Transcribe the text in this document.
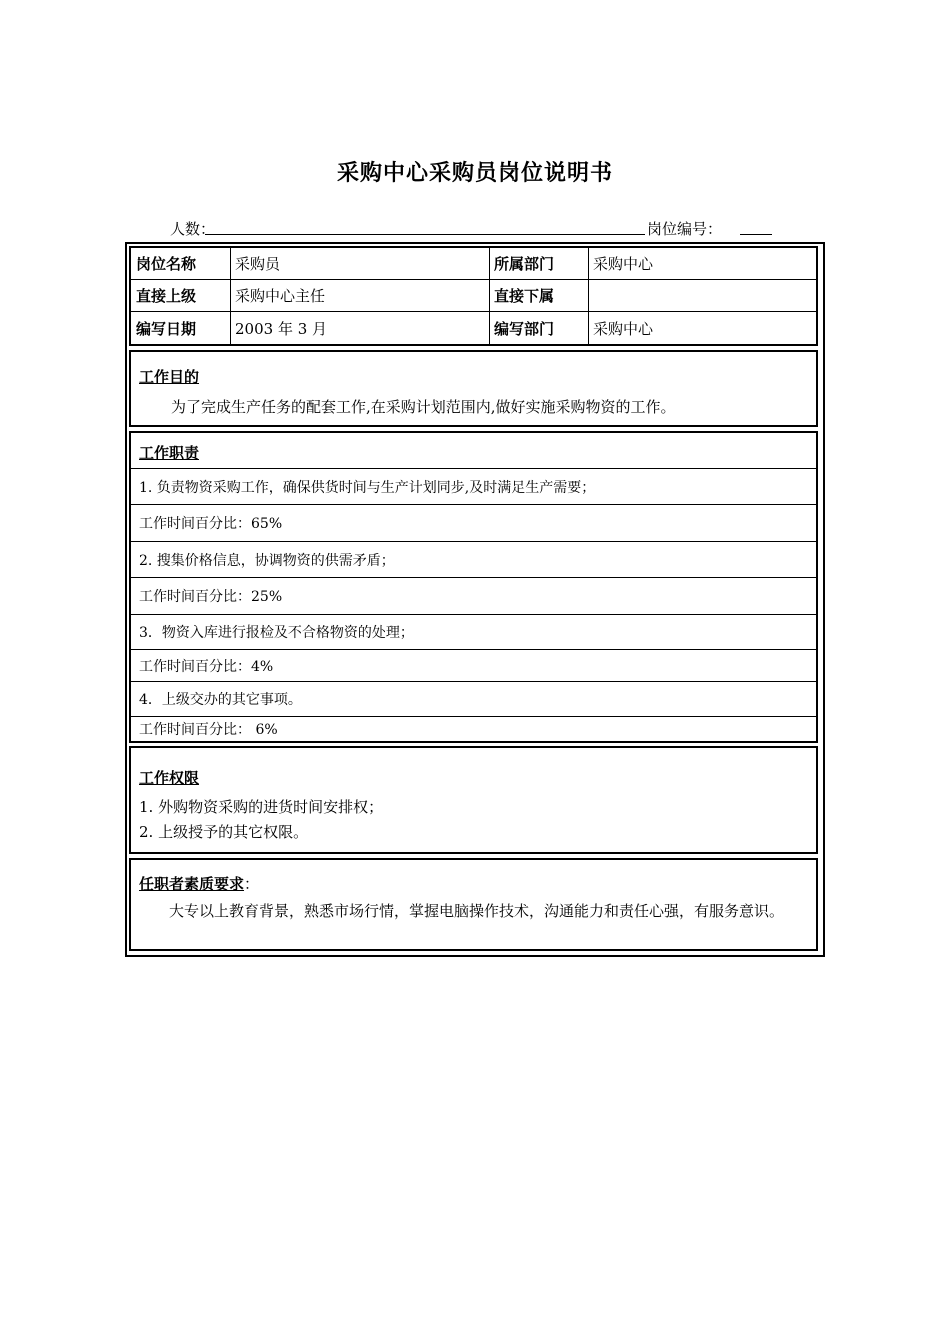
采购中心采购员岗位说明书
人数：	岗位编号：
岗位名称	采购员	所属部门	采购中心
直接上级	采购中心主任	直接下属
编写日期	2003 年 3 月	编写部门	采购中心
工作目的
为了完成生产任务的配套工作,在采购计划范围内,做好实施采购物资的工作。
工作职责
1. 负责物资采购工作，确保供货时间与生产计划同步,及时满足生产需要；
工作时间百分比：65%
2. 搜集价格信息，协调物资的供需矛盾；
工作时间百分比：25%
3．物资入库进行报检及不合格物资的处理；
工作时间百分比：4%
4．上级交办的其它事项。
工作时间百分比： 6%
工作权限
1. 外购物资采购的进货时间安排权；
2. 上级授予的其它权限。
任职者素质要求：
大专以上教育背景，熟悉市场行情，掌握电脑操作技术，沟通能力和责任心强，有服务意识。
